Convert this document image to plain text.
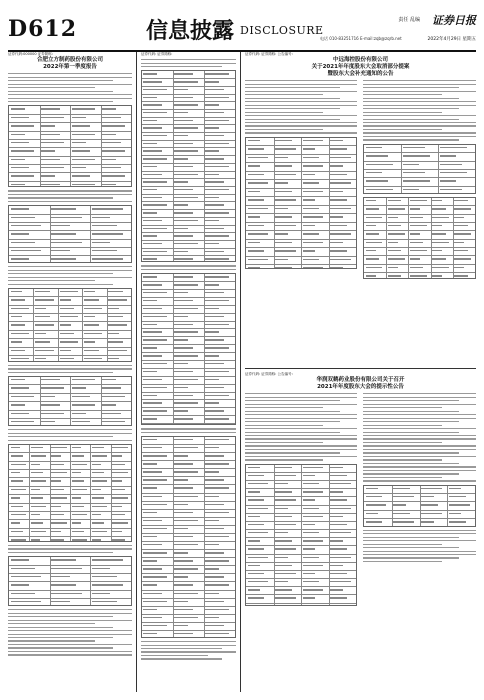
D612	信息披露 DISCLOSURE
责任 乱编
电话 010-83251716 E-mail:zqb@zqrb.net
证券日报
2022年4月29日 星期五
证券代码:000000 证券简称:
合肥立方制药股份有限公司
2022年第一季度报告
证券代码: 证券简称:	证券代码: 证券简称: 公告编号:
中远海控股份有限公司
关于2021年年度股东大会取消部分提案
暨股东大会补充通知的公告
证券代码: 证券简称: 公告编号:
华润双鹤药业股份有限公司关于召开
2021年年度股东大会的提示性公告
